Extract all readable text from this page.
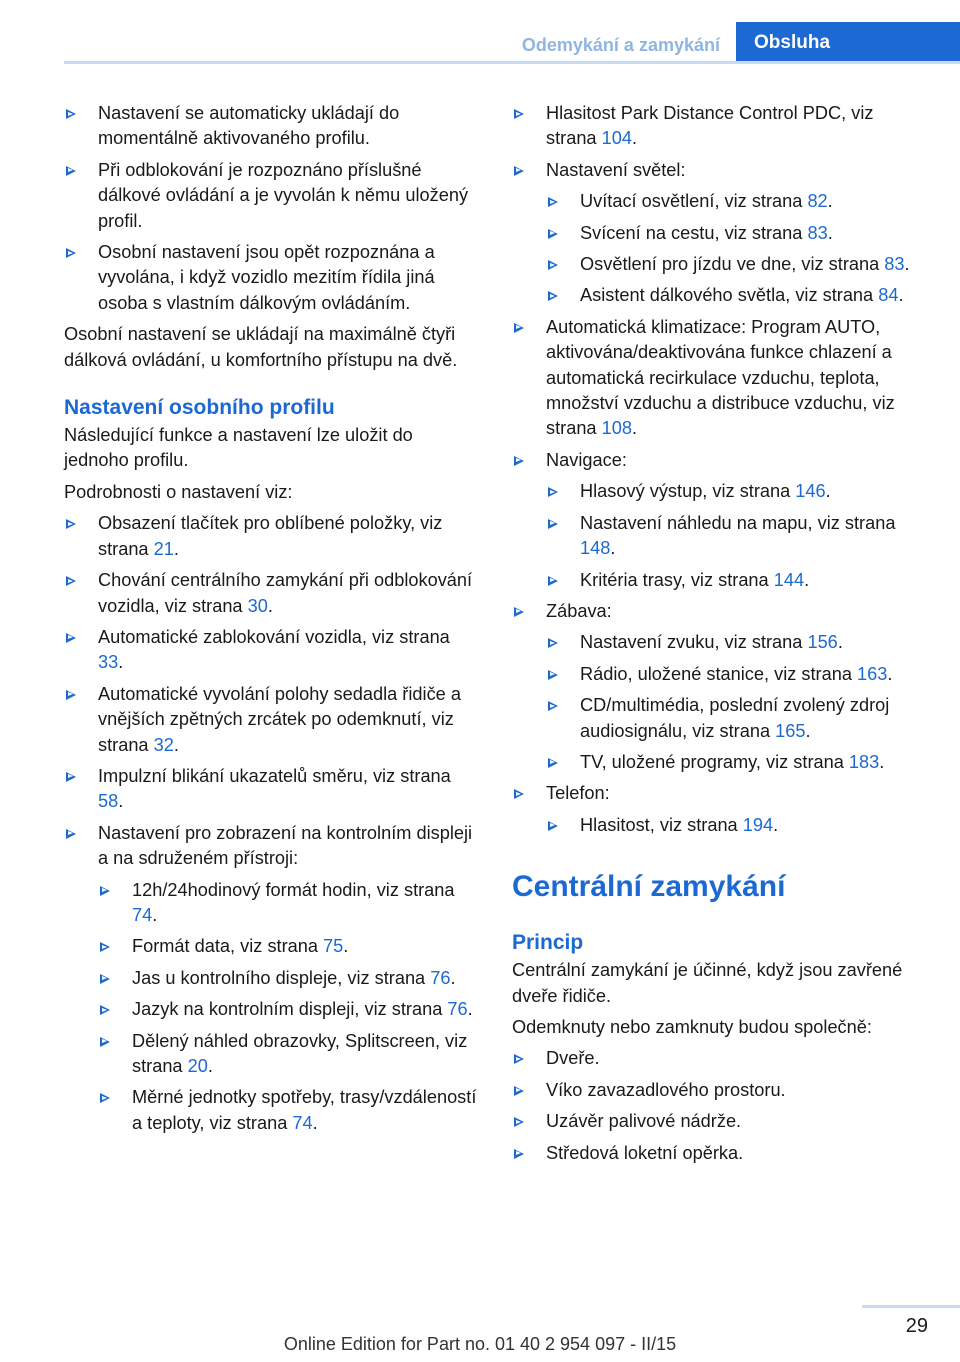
Odemykání a zamykání	Obsluha
Nastavení se automaticky ukládají do momentálně aktivovaného profilu.
Při odblokování je rozpoznáno příslušné dálkové ovládání a je vyvolán k němu uložený profil.
Osobní nastavení jsou opět rozpoznána a vyvolána, i když vozidlo mezitím řídila jiná osoba s vlastním dálkovým ovládáním.

Osobní nastavení se ukládají na maximálně čtyři dálková ovládání, u komfortního přístupu na dvě.

Nastavení osobního profilu

Následující funkce a nastavení lze uložit do jednoho profilu.

Podrobnosti o nastavení viz:

Obsazení tlačítek pro oblíbené položky, viz strana 21.
Chování centrálního zamykání při odblokování vozidla, viz strana 30.
Automatické zablokování vozidla, viz strana 33.
Automatické vyvolání polohy sedadla řidiče a vnějších zpětných zrcátek po odemknutí, viz strana 32.
Impulzní blikání ukazatelů směru, viz strana 58.
Nastavení pro zobrazení na kontrolním displeji a na sdruženém přístroji:
12h/24hodinový formát hodin, viz strana 74.
Formát data, viz strana 75.
Jas u kontrolního displeje, viz strana 76.
Jazyk na kontrolním displeji, viz strana 76.
Dělený náhled obrazovky, Splitscreen, viz strana 20.
Měrné jednotky spotřeby, trasy/vzdáleností a teploty, viz strana 74.
Hlasitost Park Distance Control PDC, viz strana 104.
Nastavení světel:
Uvítací osvětlení, viz strana 82.
Svícení na cestu, viz strana 83.
Osvětlení pro jízdu ve dne, viz strana 83.
Asistent dálkového světla, viz strana 84.
Automatická klimatizace: Program AUTO, aktivována/deaktivována funkce chlazení a automatická recirkulace vzduchu, teplota, množství vzduchu a distribuce vzduchu, viz strana 108.
Navigace:
Hlasový výstup, viz strana 146.
Nastavení náhledu na mapu, viz strana 148.
Kritéria trasy, viz strana 144.
Zábava:
Nastavení zvuku, viz strana 156.
Rádio, uložené stanice, viz strana 163.
CD/multimédia, poslední zvolený zdroj audiosignálu, viz strana 165.
TV, uložené programy, viz strana 183.
Telefon:
Hlasitost, viz strana 194.
Centrální zamykání
Princip

Centrální zamykání je účinné, když jsou zavřené dveře řidiče.

Odemknuty nebo zamknuty budou společně:

Dveře.
Víko zavazadlového prostoru.
Uzávěr palivové nádrže.
Středová loketní opěrka.
29
Online Edition for Part no. 01 40 2 954 097 - II/15
